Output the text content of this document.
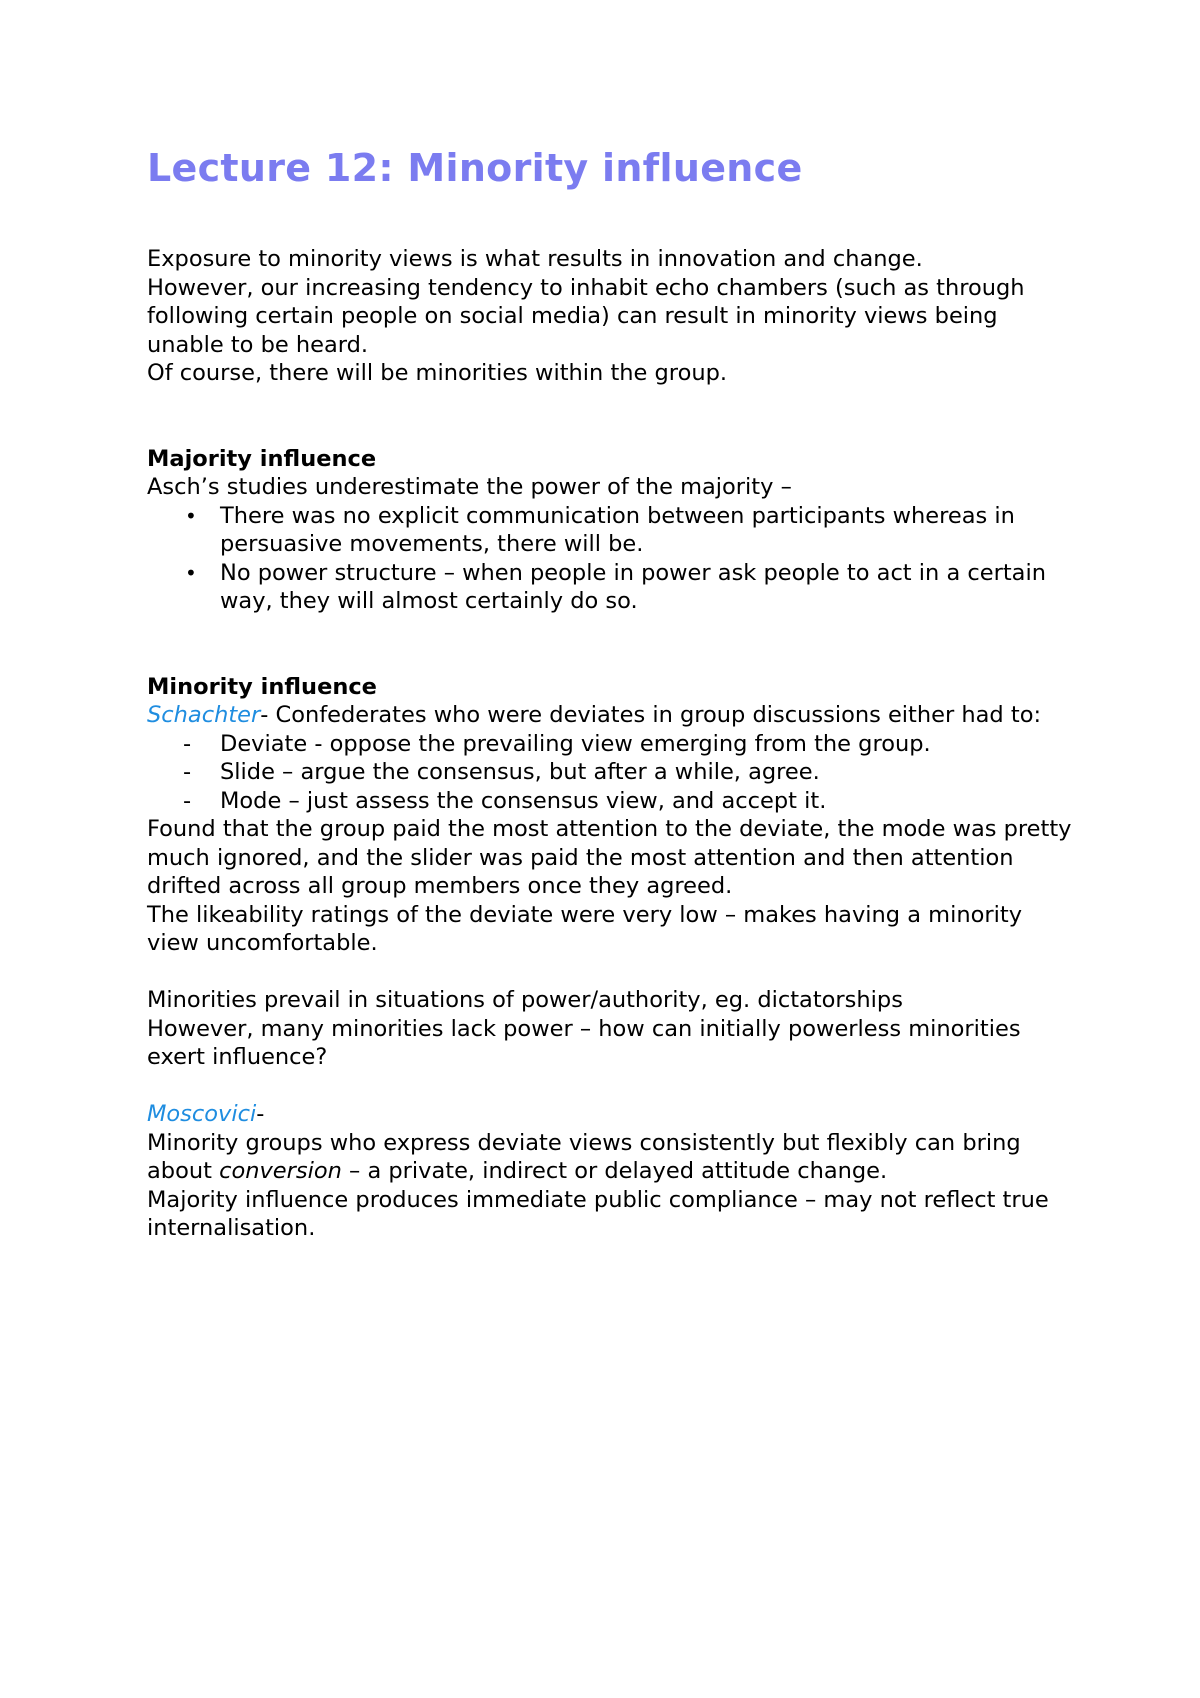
Lecture 12: Minority influence

Exposure to minority views is what results in innovation and change.

However, our increasing tendency to inhabit echo chambers (such as through following certain people on social media) can result in minority views being unable to be heard.

Of course, there will be minorities within the group.

Majority influence

Asch’s studies underestimate the power of the majority –

• There was no explicit communication between participants whereas in persuasive movements, there will be.
• No power structure – when people in power ask people to act in a certain way, they will almost certainly do so.

Minority influence

Schachter- Confederates who were deviates in group discussions either had to:

- Deviate - oppose the prevailing view emerging from the group.
- Slide – argue the consensus, but after a while, agree.
- Mode – just assess the consensus view, and accept it.

Found that the group paid the most attention to the deviate, the mode was pretty much ignored, and the slider was paid the most attention and then attention drifted across all group members once they agreed.

The likeability ratings of the deviate were very low – makes having a minority view uncomfortable.

Minorities prevail in situations of power/authority, eg. dictatorships

However, many minorities lack power – how can initially powerless minorities exert influence?

Moscovici-

Minority groups who express deviate views consistently but flexibly can bring about conversion – a private, indirect or delayed attitude change.

Majority influence produces immediate public compliance – may not reflect true internalisation.
